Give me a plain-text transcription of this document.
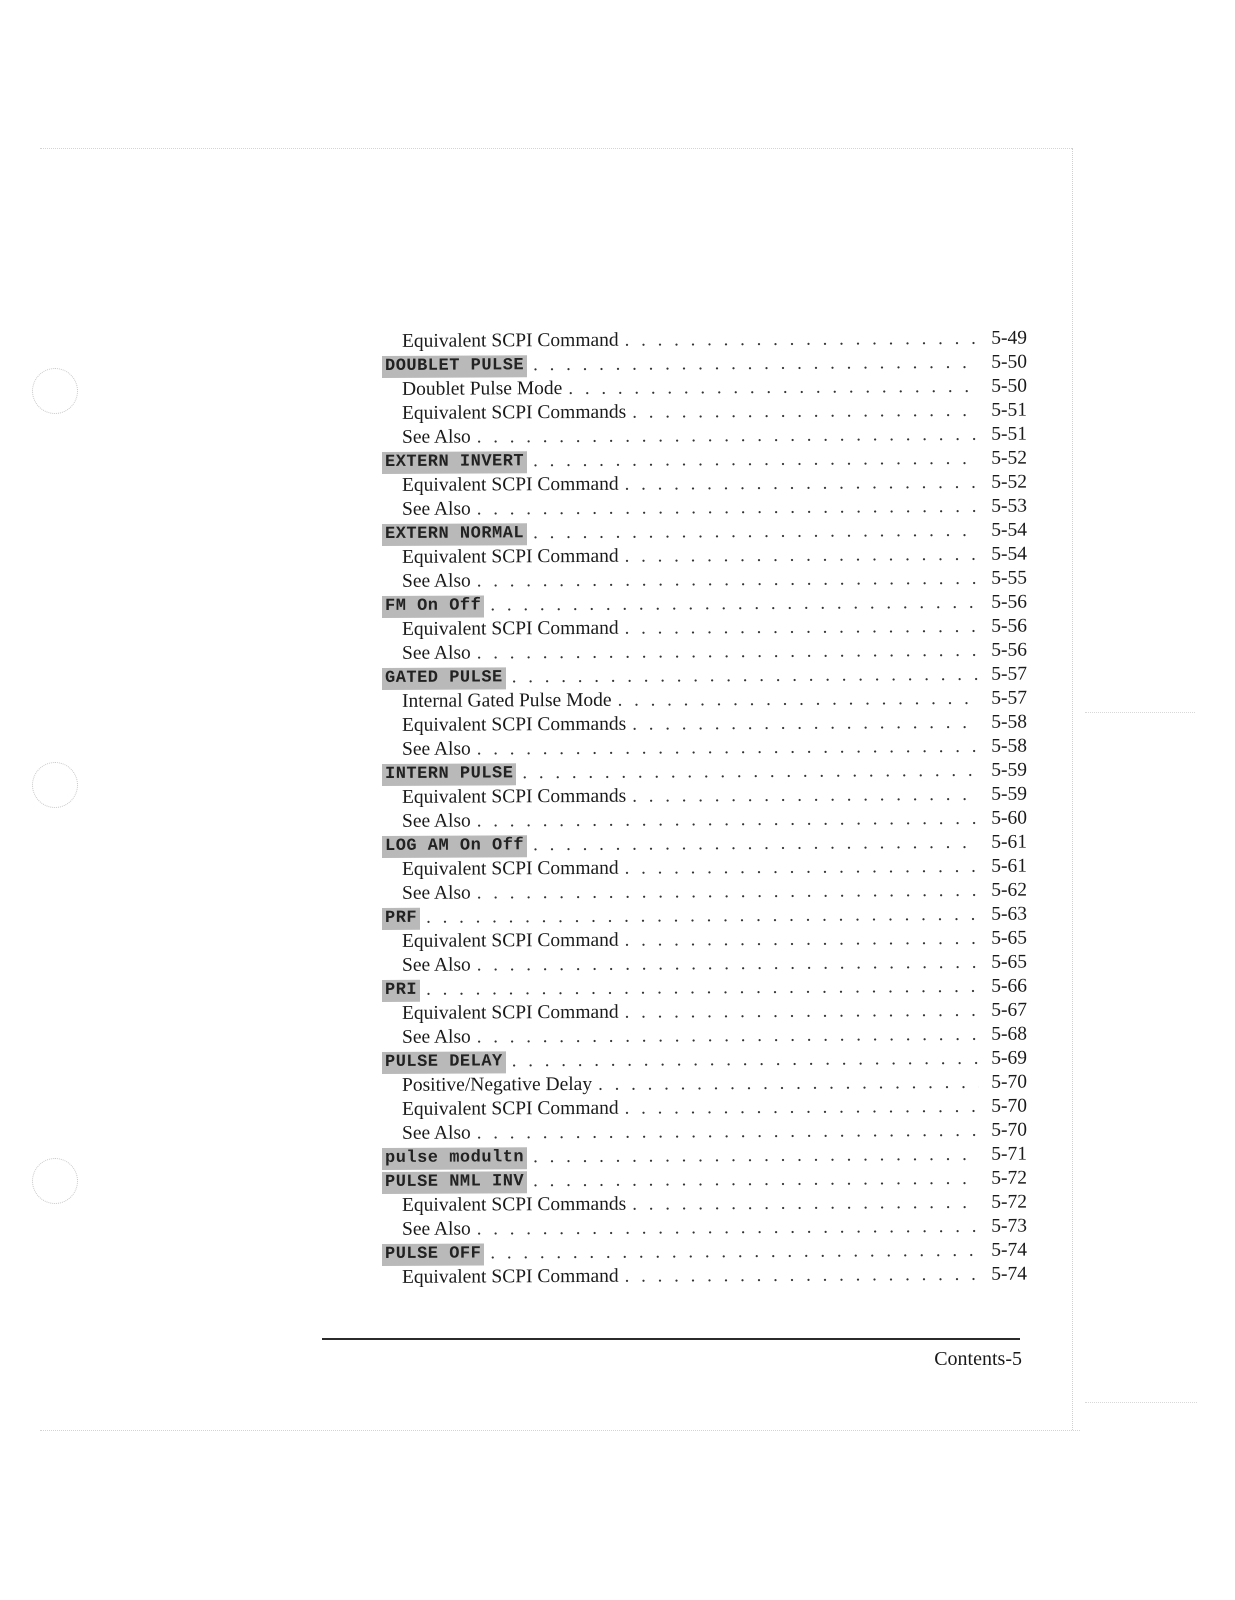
Equivalent SCPI Command . . .	5-49
DOUBLET PULSE . . .	5-50
Doublet Pulse Mode . . .	5-50
Equivalent SCPI Commands . . .	5-51
See Also . . .	5-51
EXTERN INVERT . . .	5-52
Equivalent SCPI Command . . .	5-52
See Also . . .	5-53
EXTERN NORMAL . . .	5-54
Equivalent SCPI Command . . .	5-54
See Also . . .	5-55
FM On Off . . .	5-56
Equivalent SCPI Command . . .	5-56
See Also . . .	5-56
GATED PULSE . . .	5-57
Internal Gated Pulse Mode . . .	5-57
Equivalent SCPI Commands . . .	5-58
See Also . . .	5-58
INTERN PULSE . . .	5-59
Equivalent SCPI Commands . . .	5-59
See Also . . .	5-60
LOG AM On Off . . .	5-61
Equivalent SCPI Command . . .	5-61
See Also . . .	5-62
PRF . . .	5-63
Equivalent SCPI Command . . .	5-65
See Also . . .	5-65
PRI . . .	5-66
Equivalent SCPI Command . . .	5-67
See Also . . .	5-68
PULSE DELAY . . .	5-69
Positive/Negative Delay . . .	5-70
Equivalent SCPI Command . . .	5-70
See Also . . .	5-70
pulse modultn . . .	5-71
PULSE NML INV . . .	5-72
Equivalent SCPI Commands . . .	5-72
See Also . . .	5-73
PULSE OFF . . .	5-74
Equivalent SCPI Command . . .	5-74
Contents-5
